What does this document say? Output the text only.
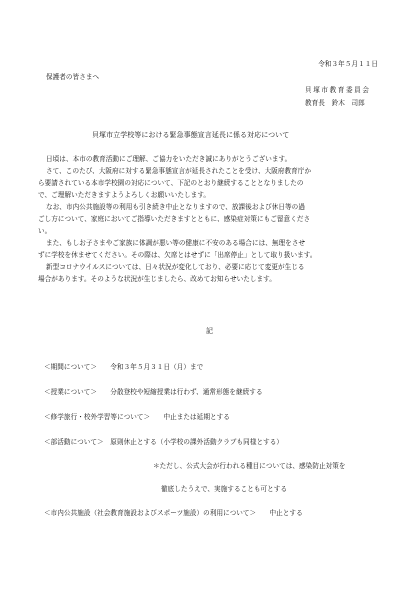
令和３年５月１１日
保護者の皆さまへ
貝塚市教育委員会
教育長　鈴木　司郎
貝塚市立学校等における緊急事態宣言延長に係る対応について
日頃は、本市の教育活動にご理解、ご協力をいただき誠にありがとうございます。
さて、このたび、大阪府に対する緊急事態宣言が延長されたことを受け、大阪府教育庁か
ら要請されている本市学校園の対応について、下記のとおり継続することとなりましたの
で、ご理解いただきますようよろしくお願いいたします。
なお、市内公共施設等の利用も引き続き中止となりますので、放課後および休日等の過
ごし方について、家庭においてご指導いただきますとともに、感染症対策にもご留意くださ
い。
また、もしお子さまやご家族に体調が悪い等の健康に不安のある場合には、無理をさせ
ずに学校を休ませてください。その際は、欠席とはせずに「出席停止」として取り扱います。
新型コロナウイルスについては、日々状況が変化しており、必要に応じて変更が生じる
場合があります。そのような状況が生じましたら、改めてお知らせいたします。
記
＜期間について＞　　令和３年５月３１日（月）まで
＜授業について＞　　分散登校や短縮授業は行わず、通常形態を継続する
＜修学旅行・校外学習等について＞　　中止または延期とする
＜部活動について＞　原則休止とする（小学校の課外活動クラブも同様とする）
＊ただし、公式大会が行われる種目については、感染防止対策を
徹底したうえで、実施することも可とする
＜市内公共施設（社会教育施設およびスポーツ施設）の利用について＞　　中止とする
